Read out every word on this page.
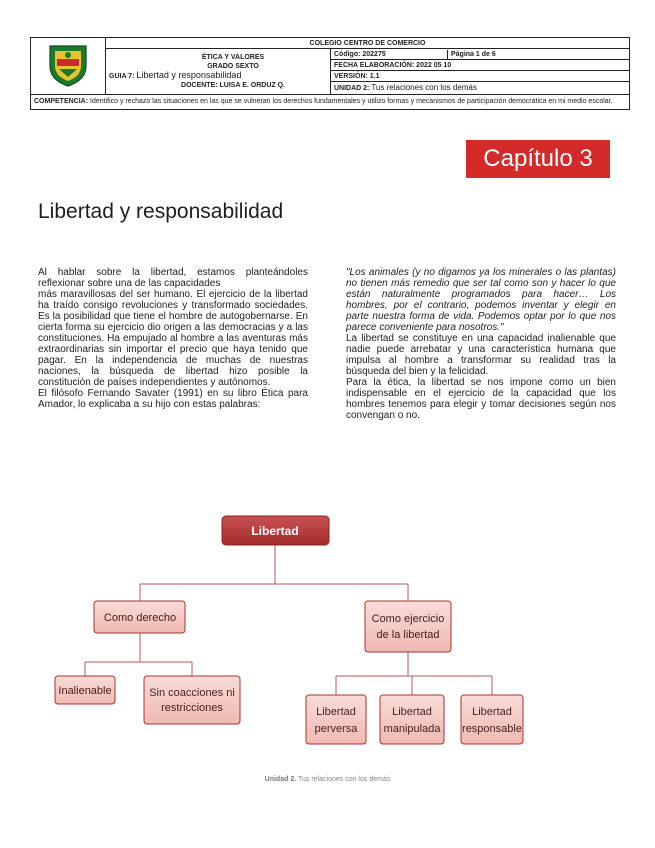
	COLEGIO CENTRO DE COMERCIO

ÉTICA Y VALORES
GRADO SEXTO
GUIA 7: Libertad y responsabilidad
DOCENTE: LUISA E. ORDUZ Q.

Código: 202275	Página 1 de 6

FECHA ELABORACIÓN: 2022 05 10
VERSIÓN: 1.1
UNIDAD 2: Tus relaciones con los demás
COMPETENCIA: Identifico y rechazo las situaciones en las que se vulneran los derechos fundamentales y utilizo formas y mecanismos de participación democrática en mi medio escolar.
Capítulo 3
Libertad y responsabilidad

Al hablar sobre la libertad, estamos planteándoles reflexionar sobre una de las capacidades

más maravillosas del ser humano. El ejercicio de la libertad ha traído consigo revoluciones y transformado sociedades. Es la posibilidad que tiene el hombre de autogobernarse. En cierta forma su ejercicio dio origen a las democracias y a las constituciones. Ha empujado al hombre a las aventuras más extraordinarias sin importar el precio que haya tenido que pagar. En la independencia de muchas de nuestras naciones, la búsqueda de libertad hizo posible la constitución de países independientes y autónomos.

El filósofo Fernando Savater (1991) en su libro Ética para Amador, lo explicaba a su hijo con estas palabras:

"Los animales (y no digamos ya los minerales o las plantas) no tienen más remedio que ser tal como son y hacer lo que están naturalmente programados para hacer… Los hombres, por el contrario, podemos inventar y elegir en parte nuestra forma de vida. Podemos optar por lo que nos parece conveniente para nosotros."

La libertad se constituye en una capacidad inalienable que nadie puede arrebatar y una característica humana que impulsa al hombre a transformar su realidad tras la búsqueda del bien y la felicidad.

Para la ética, la libertad se nos impone como un bien indispensable en el ejercicio de la capacidad que los hombres tenemos para elegir y tomar decisiones según nos convengan o no.

Libertad
Como derecho	Como ejercicio
de la libertad
Inalienable	Sin coacciones ni
restricciones	Libertad
perversa
Libertad
manipulada
Libertad
responsable
Unidad 2. Tus relaciones con los demás
